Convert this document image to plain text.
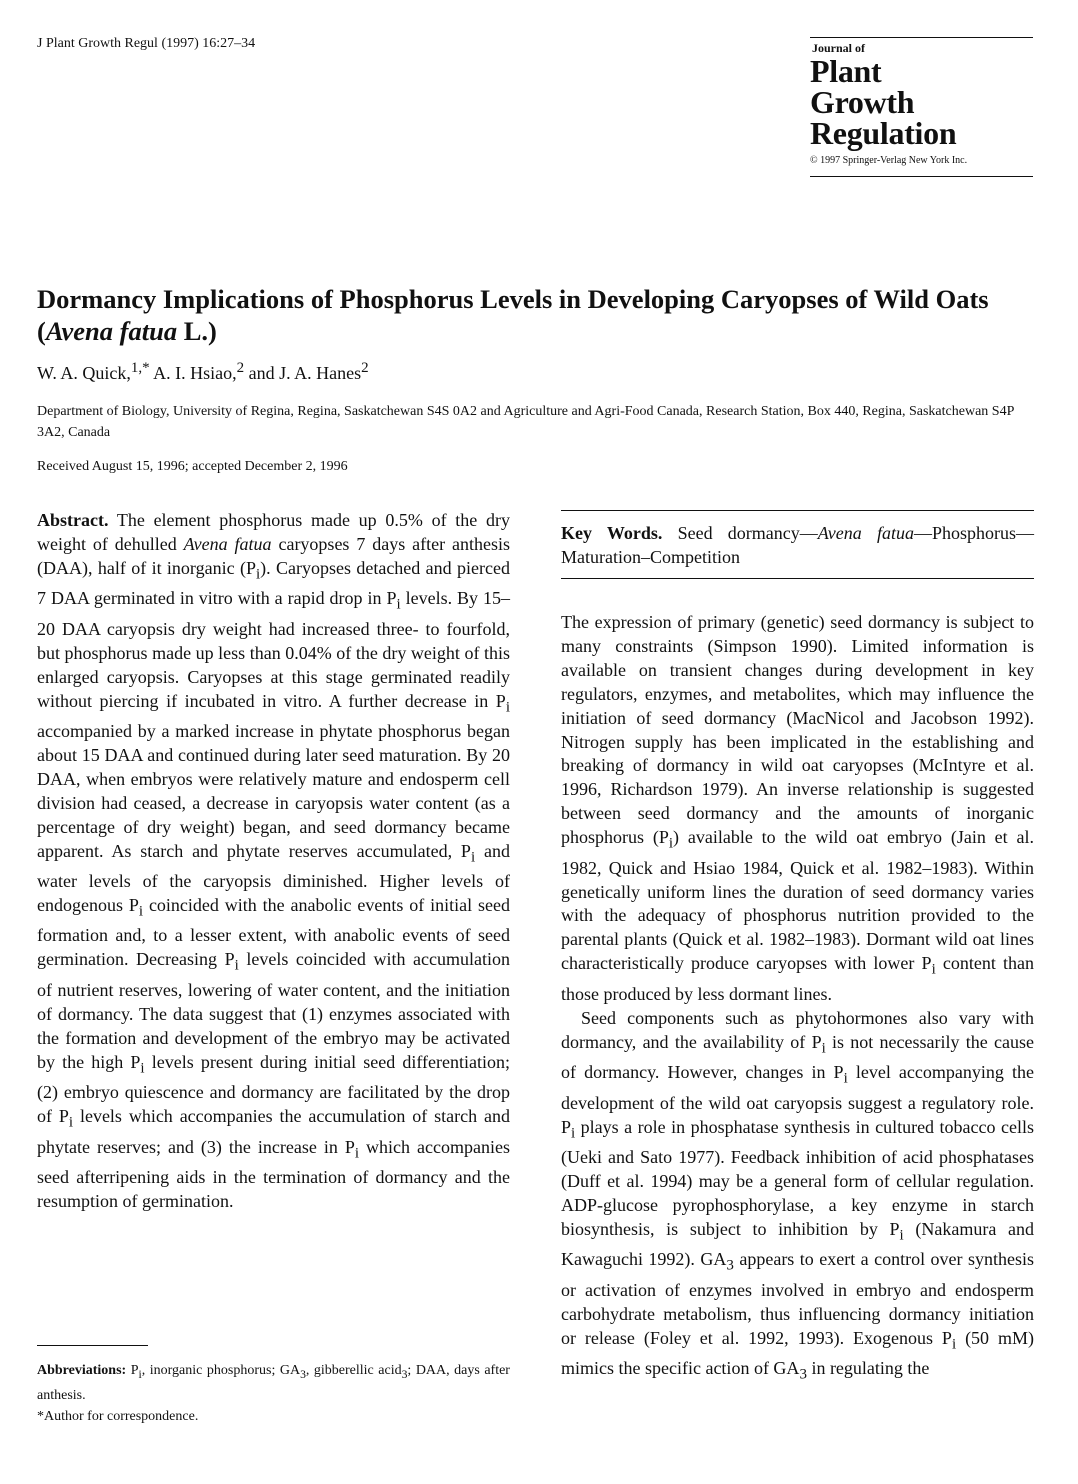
J Plant Growth Regul (1997) 16:27–34	Journal of
Plant
Growth
Regulation
© 1997 Springer-Verlag New York Inc.
Dormancy Implications of Phosphorus Levels in Developing Caryopses of Wild Oats (Avena fatua L.)
W. A. Quick,$^{1,*}$ A. I. Hsiao,$^2$ and J. A. Hanes$^2$
Department of Biology, University of Regina, Regina, Saskatchewan S4S 0A2 and Agriculture and Agri-Food Canada, Research Station, Box 440, Regina, Saskatchewan S4P 3A2, Canada
Received August 15, 1996; accepted December 2, 1996
Abstract. The element phosphorus made up 0.5% of the dry weight of dehulled Avena fatua caryopses 7 days after anthesis (DAA), half of it inorganic $(P_i)$. Caryopses detached and pierced 7 DAA germinated in vitro with a rapid drop in $P_i$ levels. By 15–20 DAA caryopsis dry weight had increased three- to fourfold, but phosphorus made up less than 0.04% of the dry weight of this enlarged caryopsis. Caryopses at this stage germinated readily without piercing if incubated in vitro. A further decrease in $P_i$ accompanied by a marked increase in phytate phosphorus began about 15 DAA and continued during later seed maturation. By 20 DAA, when embryos were relatively mature and endosperm cell division had ceased, a decrease in caryopsis water content (as a percentage of dry weight) began, and seed dormancy became apparent. As starch and phytate reserves accumulated, $P_i$ and water levels of the caryopsis diminished. Higher levels of endogenous $P_i$ coincided with the anabolic events of initial seed formation and, to a lesser extent, with anabolic events of seed germination. Decreasing $P_i$ levels coincided with accumulation of nutrient reserves, lowering of water content, and the initiation of dormancy. The data suggest that (1) enzymes associated with the formation and development of the embryo may be activated by the high $P_i$ levels present during initial seed differentiation; (2) embryo quiescence and dormancy are facilitated by the drop of $P_i$ levels which accompanies the accumulation of starch and phytate reserves; and (3) the increase in $P_i$ which accompanies seed afterripening aids in the termination of dormancy and the resumption of germination.
Key Words. Seed dormancy—Avena fatua—Phosphorus—Maturation–Competition

The expression of primary (genetic) seed dormancy is subject to many constraints (Simpson 1990). Limited information is available on transient changes during development in key regulators, enzymes, and metabolites, which may influence the initiation of seed dormancy (MacNicol and Jacobson 1992). Nitrogen supply has been implicated in the establishing and breaking of dormancy in wild oat caryopses (McIntyre et al. 1996, Richardson 1979). An inverse relationship is suggested between seed dormancy and the amounts of inorganic phosphorus $(P_i)$ available to the wild oat embryo (Jain et al. 1982, Quick and Hsiao 1984, Quick et al. 1982–1983). Within genetically uniform lines the duration of seed dormancy varies with the adequacy of phosphorus nutrition provided to the parental plants (Quick et al. 1982–1983). Dormant wild oat lines characteristically produce caryopses with lower $P_i$ content than those produced by less dormant lines.

Seed components such as phytohormones also vary with dormancy, and the availability of $P_i$ is not necessarily the cause of dormancy. However, changes in $P_i$ level accompanying the development of the wild oat caryopsis suggest a regulatory role. $P_i$ plays a role in phosphatase synthesis in cultured tobacco cells (Ueki and Sato 1977). Feedback inhibition of acid phosphatases (Duff et al. 1994) may be a general form of cellular regulation. ADP-glucose pyrophosphorylase, a key enzyme in starch biosynthesis, is subject to inhibition by $P_i$ (Nakamura and Kawaguchi 1992). $GA_3$ appears to exert a control over synthesis or activation of enzymes involved in embryo and endosperm carbohydrate metabolism, thus influencing dormancy initiation or release (Foley et al. 1992, 1993). Exogenous $P_i$ (50 mM) mimics the specific action of $GA_3$ in regulating the

Abbreviations: $P_i$, inorganic phosphorus; $GA_3$, gibberellic acid$_3$; DAA, days after anthesis.

*Author for correspondence.
